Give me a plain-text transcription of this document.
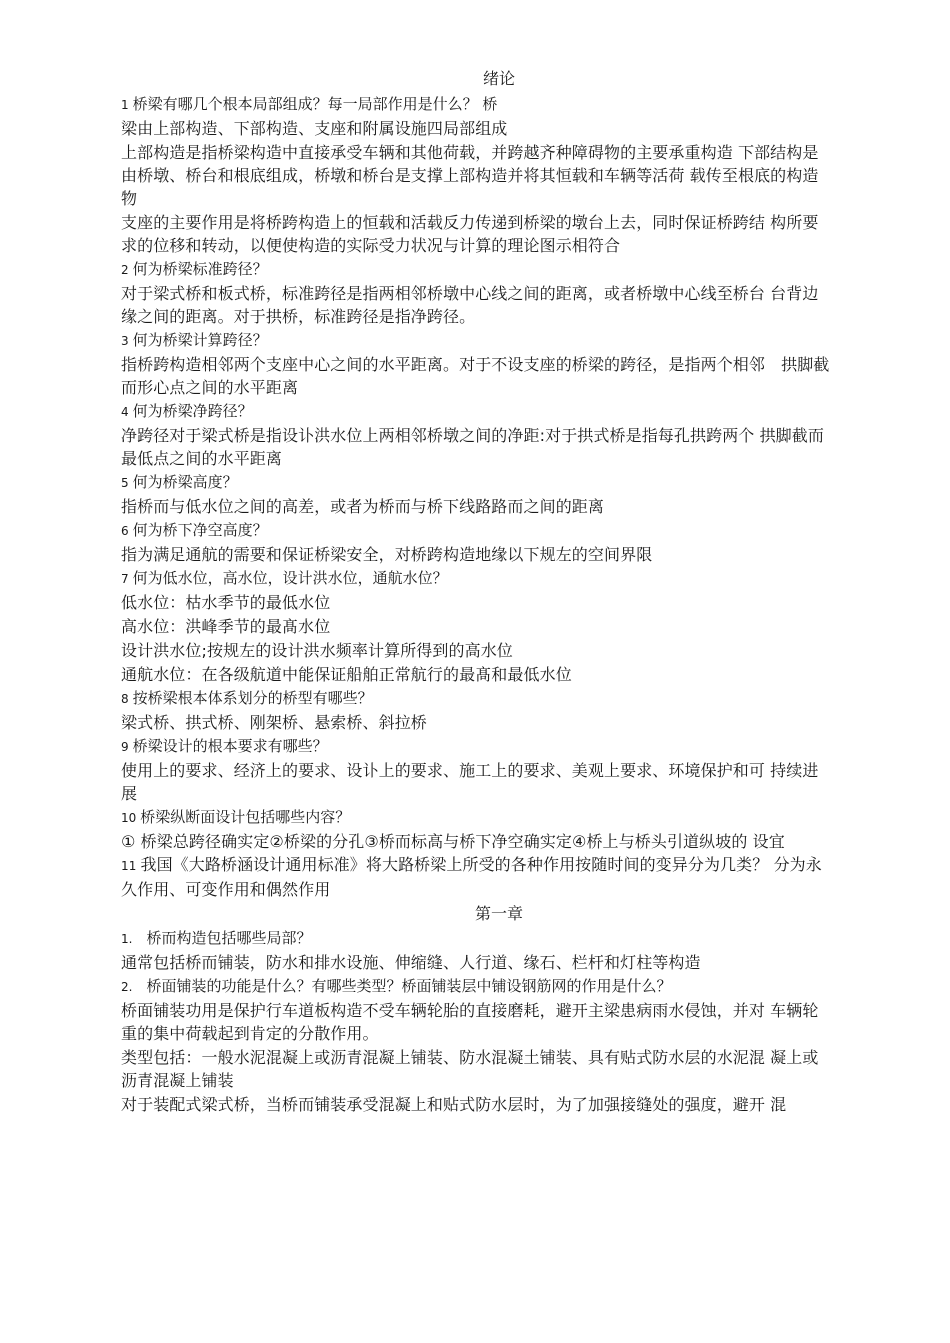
绪论
1 桥梁有哪几个根本局部组成？每一局部作用是什么？ 桥
梁由上部构造、下部构造、支座和附属设施四局部组成
上部构造是指桥梁构造中直接承受车辆和其他荷载，并跨越齐种障碍物的主要承重构造 下部结构是由桥墩、桥台和根底组成，桥墩和桥台是支撑上部构造并将其恒载和车辆等活荷 载传至根底的构造物
支座的主要作用是将桥跨构造上的恒载和活载反力传递到桥梁的墩台上去，同时保证桥跨结 构所要求的位移和转动，以便使构造的实际受力状况与计算的理论图示相符合
2 何为桥梁标准跨径？
对于梁式桥和板式桥，标准跨径是指两相邻桥墩中心线之间的距离，或者桥墩中心线至桥台 台背边缘之间的距离。对于拱桥，标准跨径是指净跨径。
3 何为桥梁计算跨径？
指桥跨构造相邻两个支座中心之间的水平距离。对于不设支座的桥梁的跨径，是指两个相邻　拱脚截而形心点之间的水平距离
4 何为桥梁净跨径？
净跨径对于梁式桥是指设讣洪水位上两相邻桥墩之间的净距:对于拱式桥是指每孔拱跨两个 拱脚截而最低点之间的水平距离
5 何为桥梁高度？
指桥而与低水位之间的高差，或者为桥而与桥下线路路而之间的距离
6 何为桥下净空高度？
指为满足通航的需要和保证桥梁安全，对桥跨构造地缘以下规左的空间界限
7 何为低水位，高水位，设计洪水位，通航水位？
低水位：枯水季节的最低水位
高水位：洪峰季节的最髙水位
设计洪水位;按规左的设计洪水频率计算所得到的高水位
通航水位：在各级航道中能保证船舶正常航行的最髙和最低水位
8 按桥梁根本体系划分的桥型有哪些？
梁式桥、拱式桥、刚架桥、悬索桥、斜拉桥
9 桥梁设计的根本要求有哪些？
使用上的要求、经济上的要求、设讣上的要求、施工上的要求、美观上要求、环境保护和可 持续进展
10 桥梁纵断面设计包括哪些内容？
① 桥梁总跨径确实定②桥梁的分孔③桥而标高与桥下净空确实定④桥上与桥头引道纵坡的 设宜
11 我国《大路桥涵设计通用标准》将大路桥梁上所受的各种作用按随时间的变异分为几类？ 分为永久作用、可变作用和偶然作用
第一章
1. 桥而构造包括哪些局部？
通常包括桥而铺装，防水和排水设施、伸缩缝、人行道、缘石、栏杆和灯柱等构造
2. 桥面铺装的功能是什么？有哪些类型？桥面铺装层中铺设钢筋网的作用是什么？
桥面铺装功用是保护行车道板构造不受车辆轮胎的直接磨耗，避开主梁患病雨水侵蚀，并对 车辆轮重的集中荷载起到肯定的分散作用。
类型包括：一般水泥混凝上或沥青混凝上铺装、防水混凝土铺装、具有贴式防水层的水泥混 凝上或沥青混凝上铺装
对于装配式梁式桥，当桥而铺装承受混凝上和贴式防水层时，为了加强接缝处的强度，避开 混
